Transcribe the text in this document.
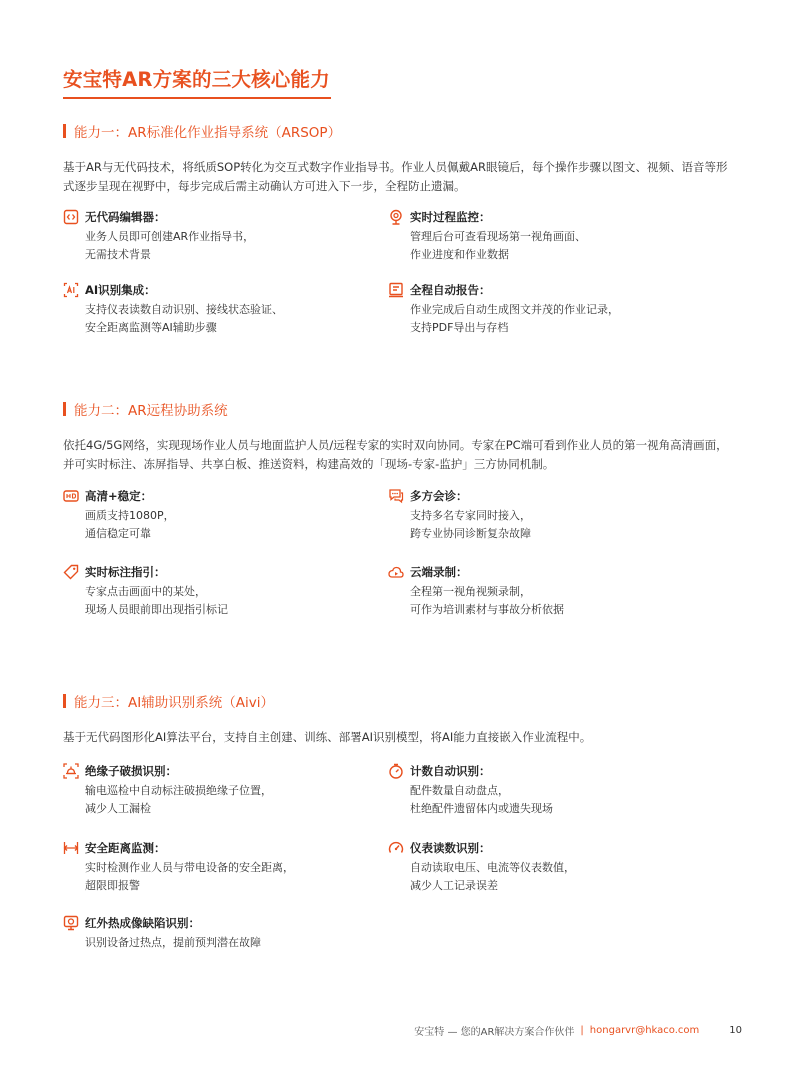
安宝特AR方案的三大核心能力
能力一：AR标准化作业指导系统（ARSOP）
基于AR与无代码技术，将纸质SOP转化为交互式数字作业指导书。作业人员佩戴AR眼镜后，每个操作步骤以图文、视频、语音等形式逐步呈现在视野中，每步完成后需主动确认方可进入下一步，全程防止遗漏。
无代码编辑器：
业务人员即可创建AR作业指导书，
无需技术背景
实时过程监控：
管理后台可查看现场第一视角画面、
作业进度和作业数据
AI识别集成：
支持仪表读数自动识别、接线状态验证、
安全距离监测等AI辅助步骤
全程自动报告：
作业完成后自动生成图文并茂的作业记录，
支持PDF导出与存档
能力二：AR远程协助系统
依托4G/5G网络，实现现场作业人员与地面监护人员/远程专家的实时双向协同。专家在PC端可看到作业人员的第一视角高清画面，并可实时标注、冻屏指导、共享白板、推送资料，构建高效的「现场-专家-监护」三方协同机制。
高清+稳定：
画质支持1080P，
通信稳定可靠
多方会诊：
支持多名专家同时接入，
跨专业协同诊断复杂故障
实时标注指引：
专家点击画面中的某处，
现场人员眼前即出现指引标记
云端录制：
全程第一视角视频录制，
可作为培训素材与事故分析依据
能力三：AI辅助识别系统（Aivi）
基于无代码图形化AI算法平台，支持自主创建、训练、部署AI识别模型，将AI能力直接嵌入作业流程中。
绝缘子破损识别：
输电巡检中自动标注破损绝缘子位置，
减少人工漏检
计数自动识别：
配件数量自动盘点，
杜绝配件遗留体内或遗失现场
安全距离监测：
实时检测作业人员与带电设备的安全距离，
超限即报警
仪表读数识别：
自动读取电压、电流等仪表数值，
减少人工记录误差
红外热成像缺陷识别：
识别设备过热点，提前预判潜在故障
安宝特 — 您的AR解决方案合作伙伴 | hongarvr@hkaco.com	10
